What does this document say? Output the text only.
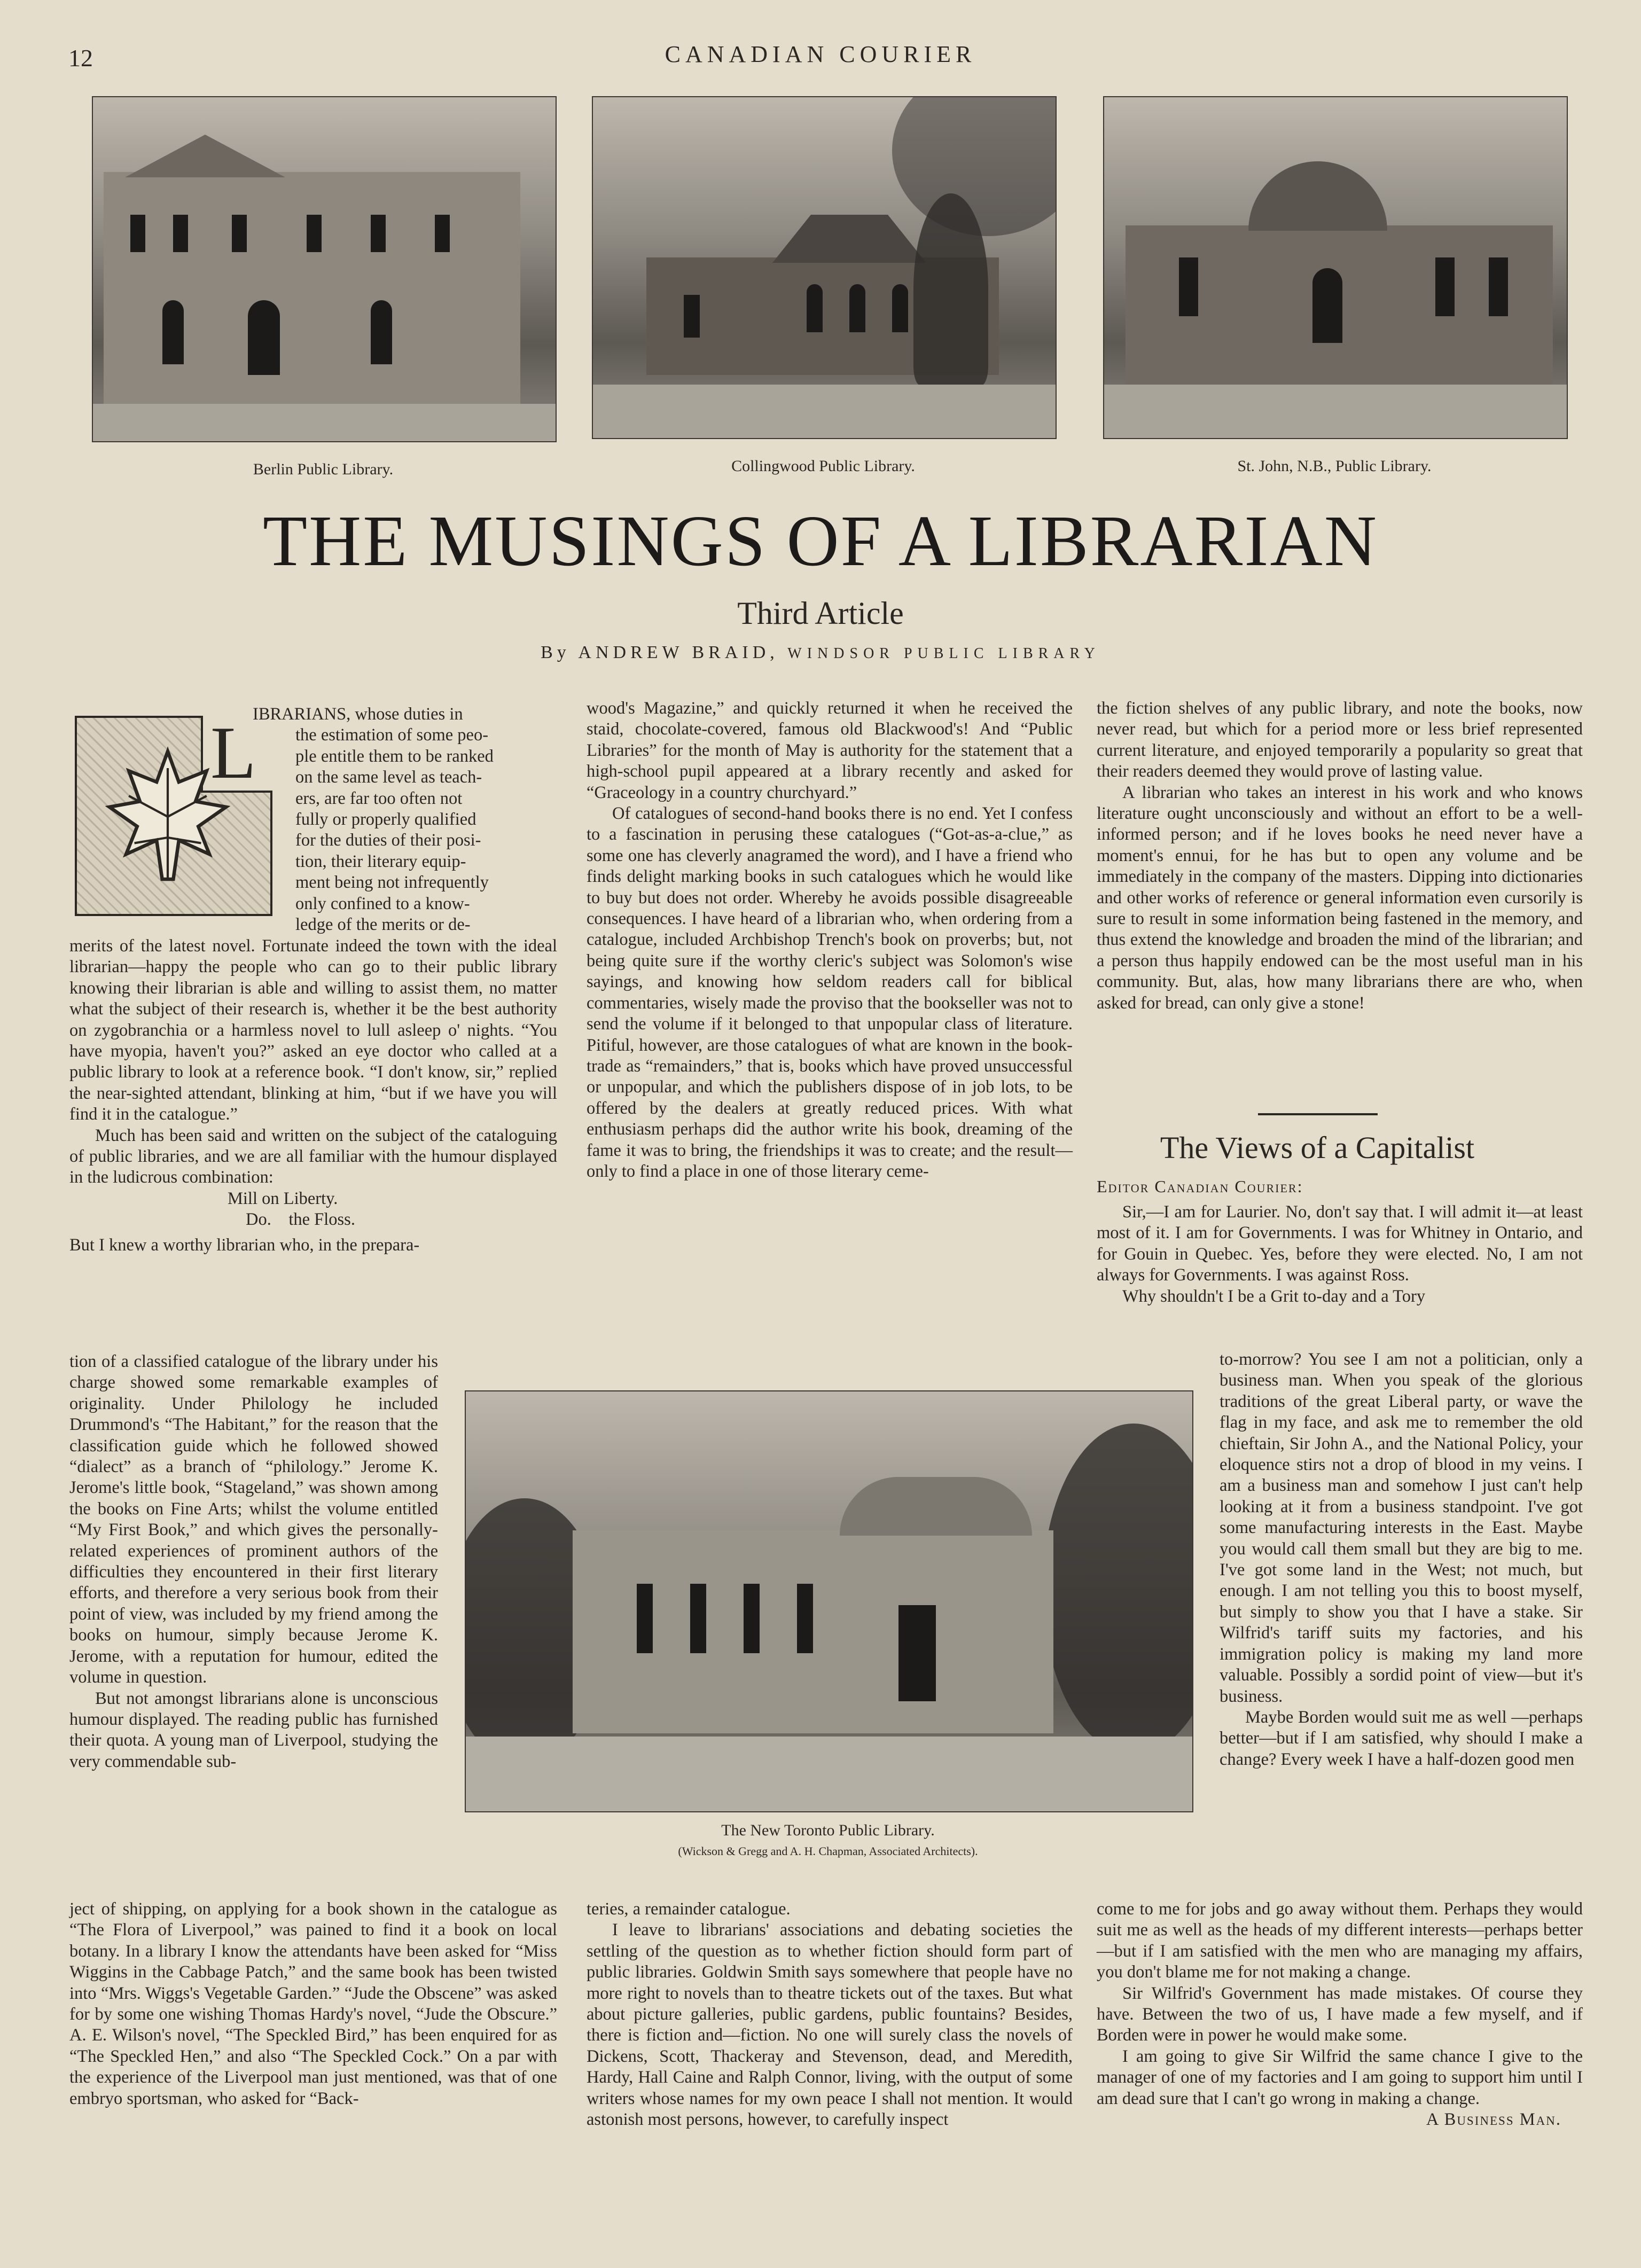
12	CANADIAN COURIER
Berlin Public Library.	Collingwood Public Library.	St. John, N.B., Public Library.
THE MUSINGS OF A LIBRARIAN
Third Article
By ANDREW BRAID, WINDSOR PUBLIC LIBRARY
L
IBRARIANS, whose duties in
the estimation of some peo-
ple entitle them to be ranked
on the same level as teach-
ers, are far too often not
fully or properly qualified
for the duties of their posi-
tion, their literary equip-
ment being not infrequently
only confined to a know-
ledge of the merits or de-

merits of the latest novel. Fortunate indeed the town with the ideal librarian—happy the people who can go to their public library knowing their librarian is able and willing to assist them, no matter what the subject of their research is, whether it be the best authority on zygobranchia or a harmless novel to lull asleep o' nights. “You have myopia, haven't you?” asked an eye doctor who called at a public library to look at a reference book. “I don't know, sir,” replied the near-sighted attendant, blinking at him, “but if we have you will find it in the catalogue.”

Much has been said and written on the subject of the cataloguing of public libraries, and we are all familiar with the humour displayed in the ludicrous combination:

Mill on Liberty.
Do.    the Floss.

But I knew a worthy librarian who, in the prepara-

tion of a classified catalogue of the library under his charge showed some remarkable examples of originality. Under Philology he included Drummond's “The Habitant,” for the reason that the classification guide which he followed showed “dialect” as a branch of “philology.” Jerome K. Jerome's little book, “Stageland,” was shown among the books on Fine Arts; whilst the volume entitled “My First Book,” and which gives the personally-related experiences of prominent authors of the difficulties they encountered in their first literary efforts, and therefore a very serious book from their point of view, was included by my friend among the books on humour, simply because Jerome K. Jerome, with a reputation for humour, edited the volume in question.

But not amongst librarians alone is unconscious humour displayed. The reading public has furnished their quota. A young man of Liverpool, studying the very commendable sub-

ject of shipping, on applying for a book shown in the catalogue as “The Flora of Liverpool,” was pained to find it a book on local botany. In a library I know the attendants have been asked for “Miss Wiggins in the Cabbage Patch,” and the same book has been twisted into “Mrs. Wiggs's Vegetable Garden.” “Jude the Obscene” was asked for by some one wishing Thomas Hardy's novel, “Jude the Obscure.” A. E. Wilson's novel, “The Speckled Bird,” has been enquired for as “The Speckled Hen,” and also “The Speckled Cock.” On a par with the experience of the Liverpool man just mentioned, was that of one embryo sportsman, who asked for “Back-

wood's Magazine,” and quickly returned it when he received the staid, chocolate-covered, famous old Blackwood's! And “Public Libraries” for the month of May is authority for the statement that a high-school pupil appeared at a library recently and asked for “Graceology in a country churchyard.”

Of catalogues of second-hand books there is no end. Yet I confess to a fascination in perusing these catalogues (“Got-as-a-clue,” as some one has cleverly anagramed the word), and I have a friend who finds delight marking books in such catalogues which he would like to buy but does not order. Whereby he avoids possible disagreeable consequences. I have heard of a librarian who, when ordering from a catalogue, included Archbishop Trench's book on proverbs; but, not being quite sure if the worthy cleric's subject was Solomon's wise sayings, and knowing how seldom readers call for biblical commentaries, wisely made the proviso that the bookseller was not to send the volume if it belonged to that unpopular class of literature. Pitiful, however, are those catalogues of what are known in the book-trade as “remainders,” that is, books which have proved unsuccessful or unpopular, and which the publishers dispose of in job lots, to be offered by the dealers at greatly reduced prices. With what enthusiasm perhaps did the author write his book, dreaming of the fame it was to bring, the friendships it was to create; and the result—only to find a place in one of those literary ceme-

The New Toronto Public Library.
(Wickson & Gregg and A. H. Chapman, Associated Architects).

teries, a remainder catalogue.

I leave to librarians' associations and debating societies the settling of the question as to whether fiction should form part of public libraries. Goldwin Smith says somewhere that people have no more right to novels than to theatre tickets out of the taxes. But what about picture galleries, public gardens, public fountains? Besides, there is fiction and—fiction. No one will surely class the novels of Dickens, Scott, Thackeray and Stevenson, dead, and Meredith, Hardy, Hall Caine and Ralph Connor, living, with the output of some writers whose names for my own peace I shall not mention. It would astonish most persons, however, to carefully inspect

the fiction shelves of any public library, and note the books, now never read, but which for a period more or less brief represented current literature, and enjoyed temporarily a popularity so great that their readers deemed they would prove of lasting value.

A librarian who takes an interest in his work and who knows literature ought unconsciously and without an effort to be a well-informed person; and if he loves books he need never have a moment's ennui, for he has but to open any volume and be immediately in the company of the masters. Dipping into dictionaries and other works of reference or general information even cursorily is sure to result in some information being fastened in the memory, and thus extend the knowledge and broaden the mind of the librarian; and a person thus happily endowed can be the most useful man in his community. But, alas, how many librarians there are who, when asked for bread, can only give a stone!

The Views of a Capitalist
Editor Canadian Courier:

Sir,—I am for Laurier. No, don't say that. I will admit it—at least most of it. I am for Governments. I was for Whitney in Ontario, and for Gouin in Quebec. Yes, before they were elected. No, I am not always for Governments. I was against Ross.

Why shouldn't I be a Grit to-day and a Tory

to-morrow? You see I am not a politician, only a business man. When you speak of the glorious traditions of the great Liberal party, or wave the flag in my face, and ask me to remember the old chieftain, Sir John A., and the National Policy, your eloquence stirs not a drop of blood in my veins. I am a business man and somehow I just can't help looking at it from a business standpoint. I've got some manufacturing interests in the East. Maybe you would call them small but they are big to me. I've got some land in the West; not much, but enough. I am not telling you this to boost myself, but simply to show you that I have a stake. Sir Wilfrid's tariff suits my factories, and his immigration policy is making my land more valuable. Possibly a sordid point of view—but it's business.

Maybe Borden would suit me as well —perhaps better—but if I am satisfied, why should I make a change? Every week I have a half-dozen good men

come to me for jobs and go away without them. Perhaps they would suit me as well as the heads of my different interests—perhaps better—but if I am satisfied with the men who are managing my affairs, you don't blame me for not making a change.

Sir Wilfrid's Government has made mistakes. Of course they have. Between the two of us, I have made a few myself, and if Borden were in power he would make some.

I am going to give Sir Wilfrid the same chance I give to the manager of one of my factories and I am going to support him until I am dead sure that I can't go wrong in making a change.

A Business Man.
